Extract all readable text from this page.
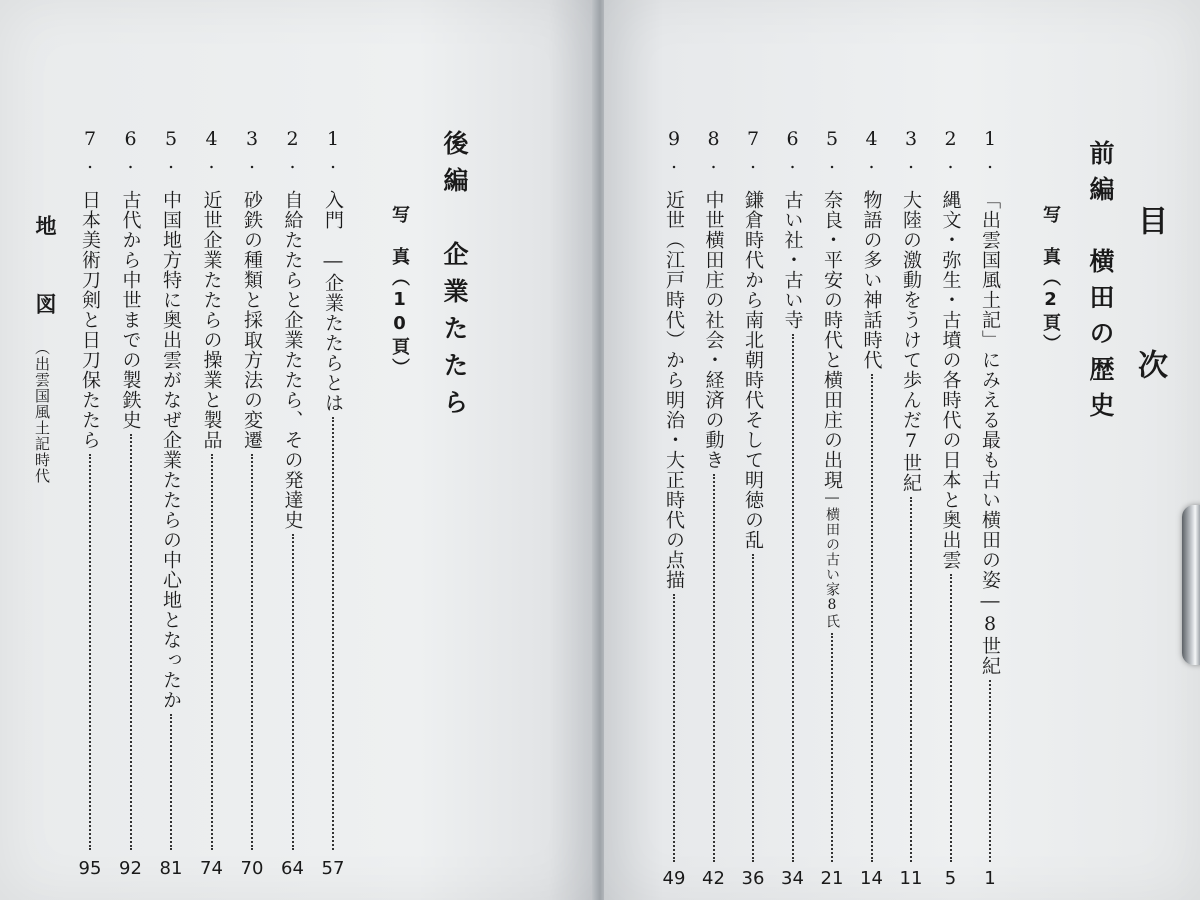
目　次
前編　横田の歴史
写　真（2頁）
後編　企業たたら
写　真（10頁）
1.「出雲国風土記」にみえる最も古い横田の姿―8世紀
1
2.縄文・弥生・古墳の各時代の日本と奥出雲
5
3.大陸の激動をうけて歩んだ7世紀
11
4.物語の多い神話時代
14
5.奈良・平安の時代と横田庄の出現―横田の古い家8氏
21
6.古い社・古い寺
34
7.鎌倉時代から南北朝時代そして明徳の乱
36
8.中世横田庄の社会・経済の動き
42
9.近世（江戸時代）から明治・大正時代の点描
49
1.入門　―企業たたらとは
57
2.自給たたらと企業たたら、その発達史
64
3.砂鉄の種類と採取方法の変遷
70
4.近世企業たたらの操業と製品
74
5.中国地方特に奥出雲がなぜ企業たたらの中心地となったか
81
6.古代から中世までの製鉄史
92
7.日本美術刀剣と日刀保たたら
95
地　図
（出雲国風土記時代
